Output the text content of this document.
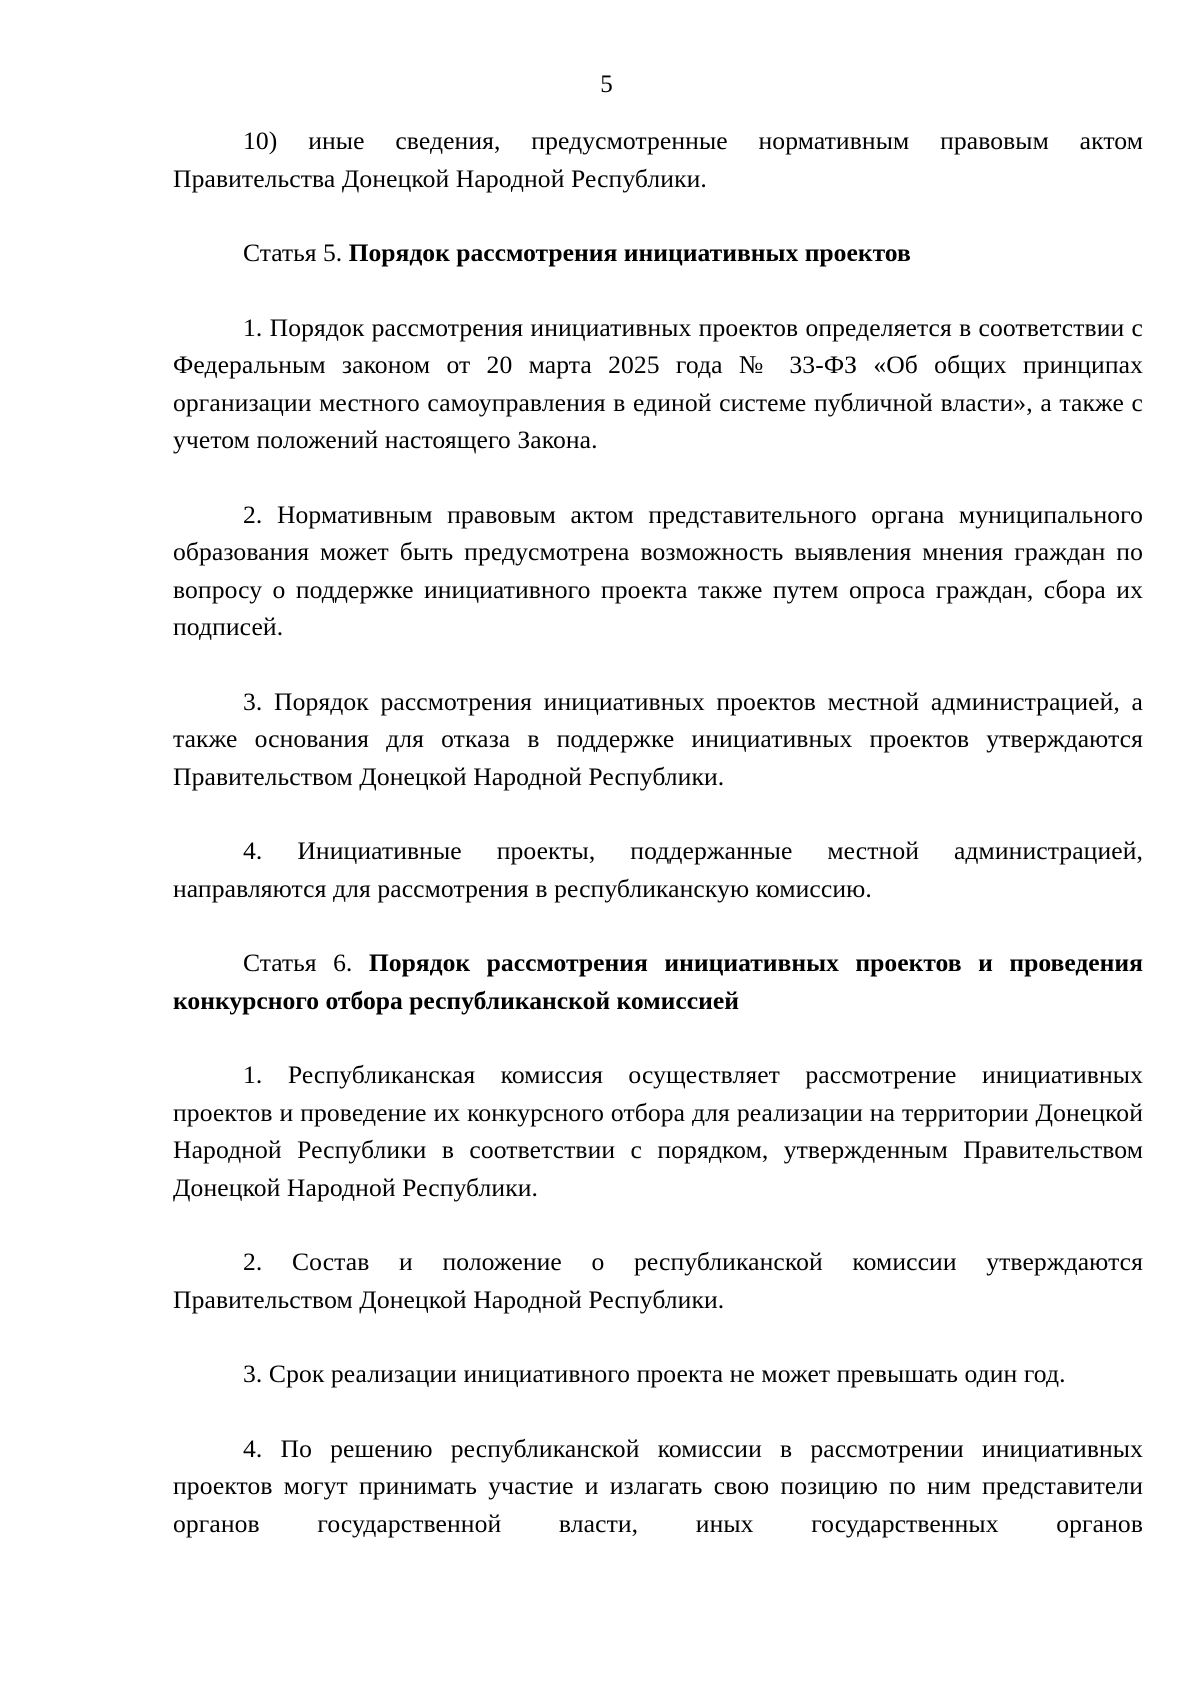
5

10) иные сведения, предусмотренные нормативным правовым актом Правительства Донецкой Народной Республики.

Статья 5. Порядок рассмотрения инициативных проектов

1. Порядок рассмотрения инициативных проектов определяется в соответствии с Федеральным законом от 20 марта 2025 года № 33-ФЗ «Об общих принципах организации местного самоуправления в единой системе публичной власти», а также с учетом положений настоящего Закона.

2. Нормативным правовым актом представительного органа муниципального образования может быть предусмотрена возможность выявления мнения граждан по вопросу о поддержке инициативного проекта также путем опроса граждан, сбора их подписей.

3. Порядок рассмотрения инициативных проектов местной администрацией, а также основания для отказа в поддержке инициативных проектов утверждаются Правительством Донецкой Народной Республики.

4. Инициативные проекты, поддержанные местной администрацией, направляются для рассмотрения в республиканскую комиссию.

Статья 6. Порядок рассмотрения инициативных проектов и проведения конкурсного отбора республиканской комиссией

1. Республиканская комиссия осуществляет рассмотрение инициативных проектов и проведение их конкурсного отбора для реализации на территории Донецкой Народной Республики в соответствии с порядком, утвержденным Правительством Донецкой Народной Республики.

2. Состав и положение о республиканской комиссии утверждаются Правительством Донецкой Народной Республики.

3. Срок реализации инициативного проекта не может превышать один год.

4. По решению республиканской комиссии в рассмотрении инициативных проектов могут принимать участие и излагать свою позицию по ним представители органов государственной власти, иных государственных органов
